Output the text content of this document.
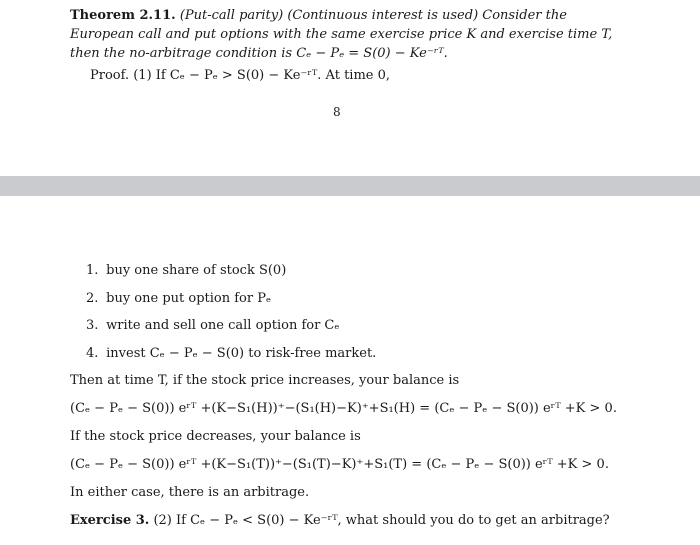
Theorem 2.11. (Put-call parity) (Continuous interest is used) Consider the European call and put options with the same exercise price K and exercise time T, then the no-arbitrage condition is Cₑ − Pₑ = S(0) − Ke⁻ʳᵀ.
Proof. (1) If Cₑ − Pₑ > S(0) − Ke⁻ʳᵀ. At time 0,
8
1. buy one share of stock S(0)
2. buy one put option for Pₑ
3. write and sell one call option for Cₑ
4. invest Cₑ − Pₑ − S(0) to risk-free market.
Then at time T, if the stock price increases, your balance is
(Cₑ − Pₑ − S(0)) eʳᵀ +(K−S₁(H))⁺−(S₁(H)−K)⁺+S₁(H) = (Cₑ − Pₑ − S(0)) eʳᵀ +K > 0.
If the stock price decreases, your balance is
(Cₑ − Pₑ − S(0)) eʳᵀ +(K−S₁(T))⁺−(S₁(T)−K)⁺+S₁(T) = (Cₑ − Pₑ − S(0)) eʳᵀ +K > 0.
In either case, there is an arbitrage.
Exercise 3. (2) If Cₑ − Pₑ < S(0) − Ke⁻ʳᵀ, what should you do to get an arbitrage?
